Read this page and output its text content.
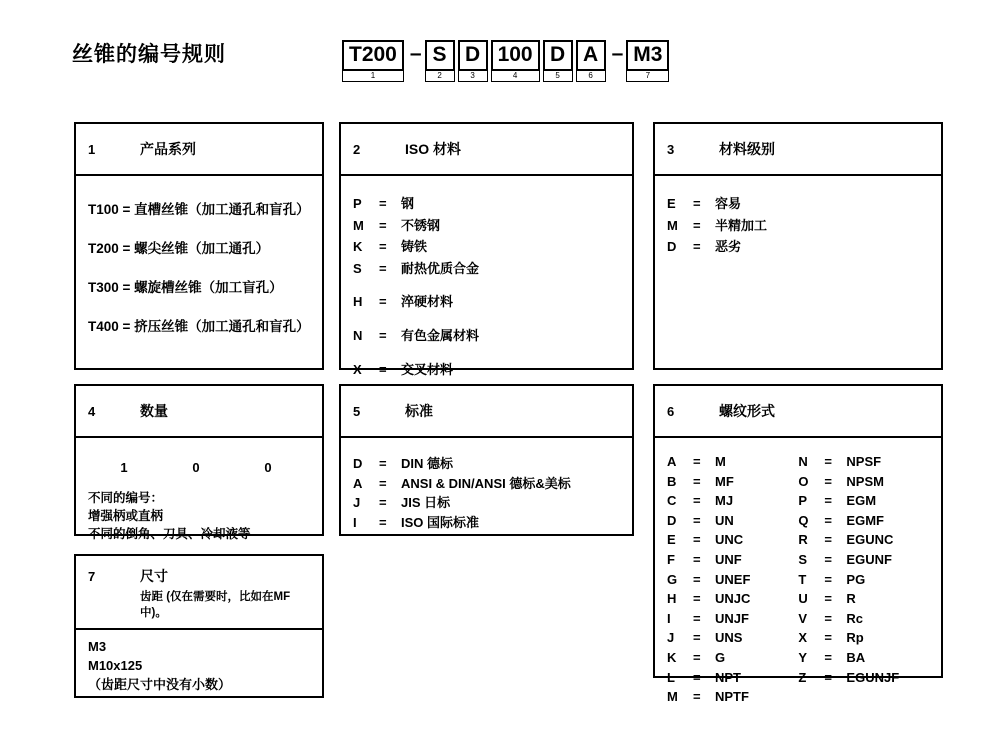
丝锥的编号规则	T200
1
– S
2
D
3
100
4
D
5
A
6
– M3
7
1	产品系列
T100 = 直槽丝锥（加工通孔和盲孔）
T200 = 螺尖丝锥（加工通孔）
T300 = 螺旋槽丝锥（加工盲孔）
T400 = 挤压丝锥（加工通孔和盲孔）
2	ISO 材料
P	=	钢
M	=	不锈钢
K	=	铸铁
S	=	耐热优质合金
H	=	淬硬材料
N	=	有色金属材料
X	=	交叉材料
3	材料级别
E	=	容易
M	=	半精加工
D	=	恶劣
4	数量
1	0	0
不同的编号：
增强柄或直柄
不同的倒角、刀具、冷却液等
5	标准
D	=	DIN 德标
A	=	ANSI & DIN/ANSI 德标&美标
J	=	JIS 日标
I	=	ISO 国际标准
6	螺纹形式
A	=	M
B	=	MF
C	=	MJ
D	=	UN
E	=	UNC
F	=	UNF
G	=	UNEF
H	=	UNJC
I	=	UNJF
J	=	UNS
K	=	G
L	=	NPT
M	=	NPTF
N	=	NPSF
O	=	NPSM
P	=	EGM
Q	=	EGMF
R	=	EGUNC
S	=	EGUNF
T	=	PG
U	=	R
V	=	Rc
X	=	Rp
Y	=	BA
Z	=	EGUNJF
7	尺寸
齿距 (仅在需要时，比如在MF中)。
M3
M10x125（齿距尺寸中没有小数）
